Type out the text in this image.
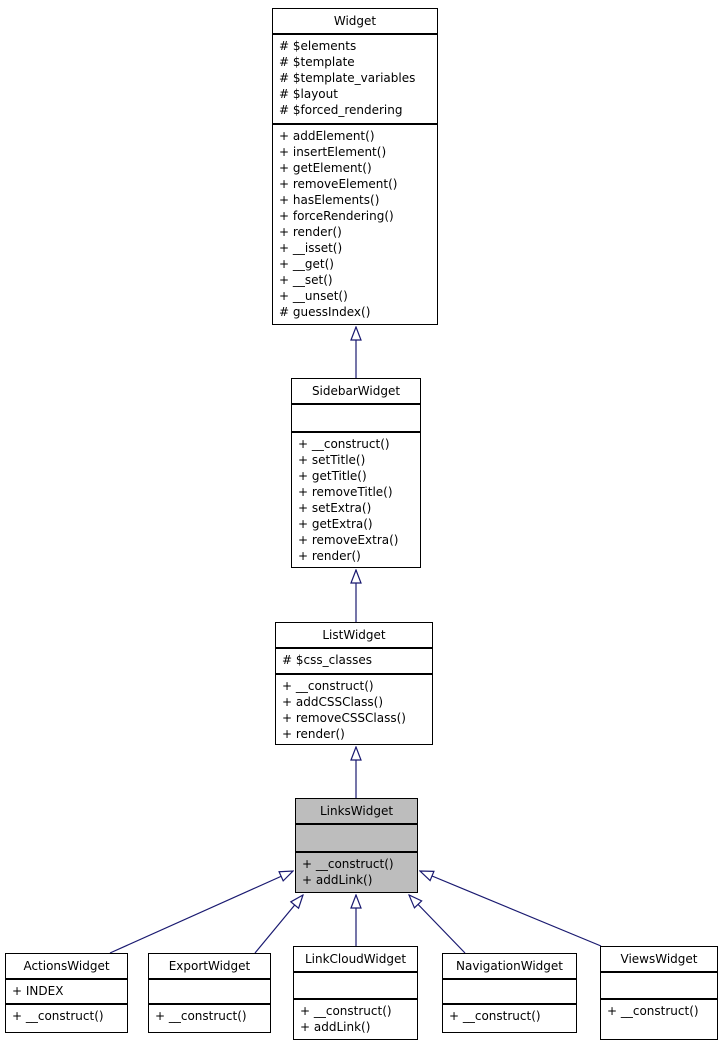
Widget
# $elements
# $template
# $template_variables
# $layout
# $forced_rendering
+ addElement()
+ insertElement()
+ getElement()
+ removeElement()
+ hasElements()
+ forceRendering()
+ render()
+ __isset()
+ __get()
+ __set()
+ __unset()
# guessIndex()
SidebarWidget
+ __construct()
+ setTitle()
+ getTitle()
+ removeTitle()
+ setExtra()
+ getExtra()
+ removeExtra()
+ render()
ListWidget
# $css_classes
+ __construct()
+ addCSSClass()
+ removeCSSClass()
+ render()
LinksWidget
+ __construct()
+ addLink()
ActionsWidget
+ INDEX
+ __construct()
ExportWidget
+ __construct()
LinkCloudWidget
+ __construct()
+ addLink()
NavigationWidget
+ __construct()
ViewsWidget
+ __construct()
